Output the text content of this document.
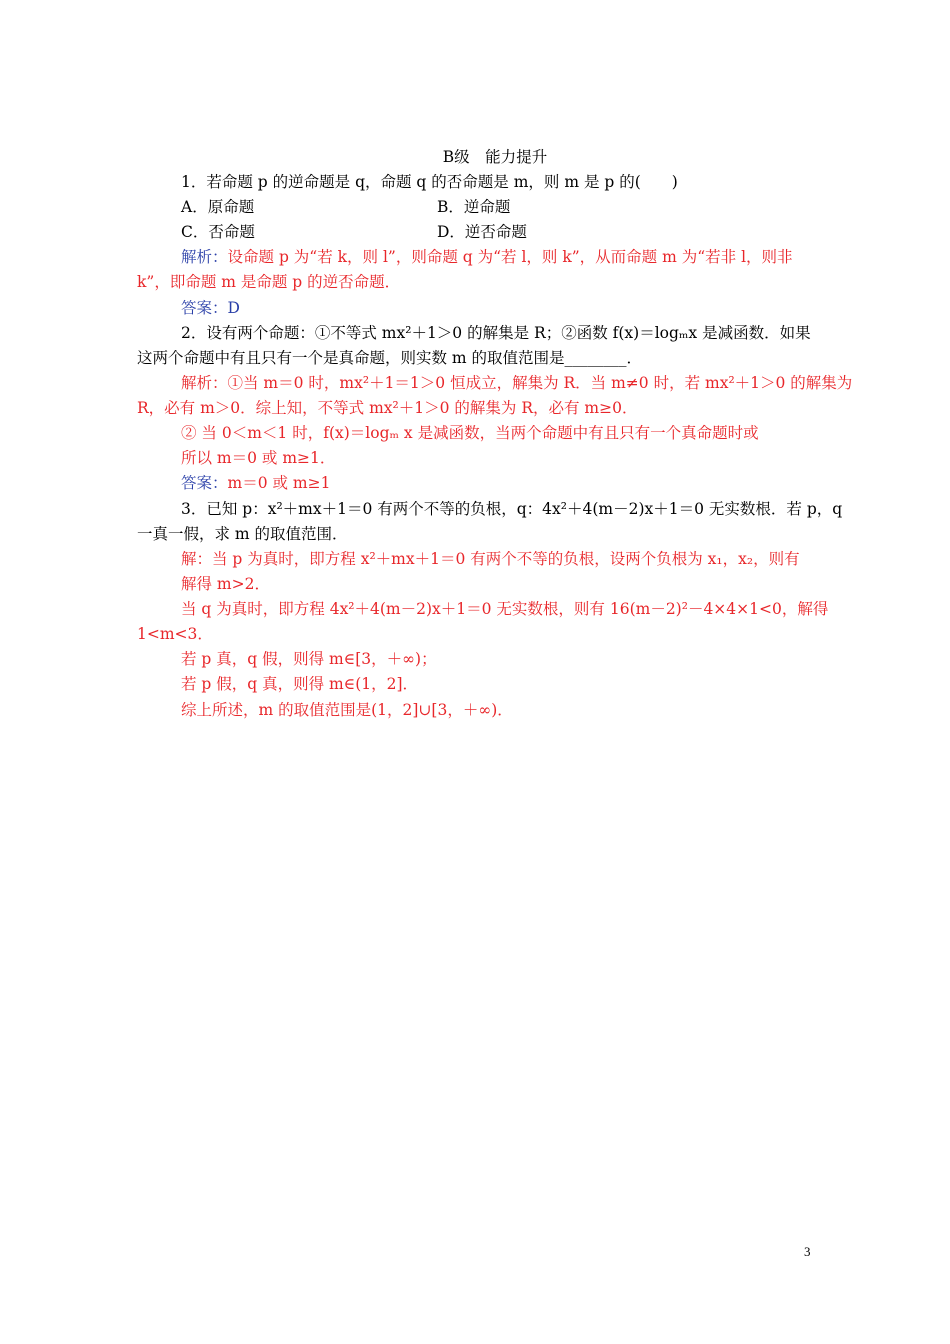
B级　能力提升
1．若命题 p 的逆命题是 q，命题 q 的否命题是 m，则 m 是 p 的(　　)
A．原命题	B．逆命题
C．否命题	D．逆否命题
解析：设命题 p 为“若 k，则 l”，则命题 q 为“若 l，则 k”，从而命题 m 为“若非 l，则非
k”，即命题 m 是命题 p 的逆否命题．
答案：D
2．设有两个命题：①不等式 mx²＋1＞0 的解集是 R；②函数 f(x)＝logₘx 是减函数．如果
这两个命题中有且只有一个是真命题，则实数 m 的取值范围是________．
解析：①当 m＝0 时，mx²＋1＝1＞0 恒成立，解集为 R．当 m≠0 时，若 mx²＋1＞0 的解集为
R，必有 m＞0．综上知，不等式 mx²＋1＞0 的解集为 R，必有 m≥0．
② 当 0＜m＜1 时，f(x)＝logₘ x 是减函数，当两个命题中有且只有一个真命题时或
所以 m＝0 或 m≥1．
答案：m＝0 或 m≥1
3．已知 p：x²＋mx＋1＝0 有两个不等的负根，q：4x²＋4(m－2)x＋1＝0 无实数根．若 p，q
一真一假，求 m 的取值范围．
解：当 p 为真时，即方程 x²＋mx＋1＝0 有两个不等的负根，设两个负根为 x₁，x₂，则有
解得 m>2．
当 q 为真时，即方程 4x²＋4(m－2)x＋1＝0 无实数根，则有 16(m－2)²－4×4×1<0，解得
1<m<3．
若 p 真，q 假，则得 m∈[3，＋∞)；
若 p 假，q 真，则得 m∈(1，2]．
综上所述，m 的取值范围是(1，2]∪[3，＋∞)．
3
